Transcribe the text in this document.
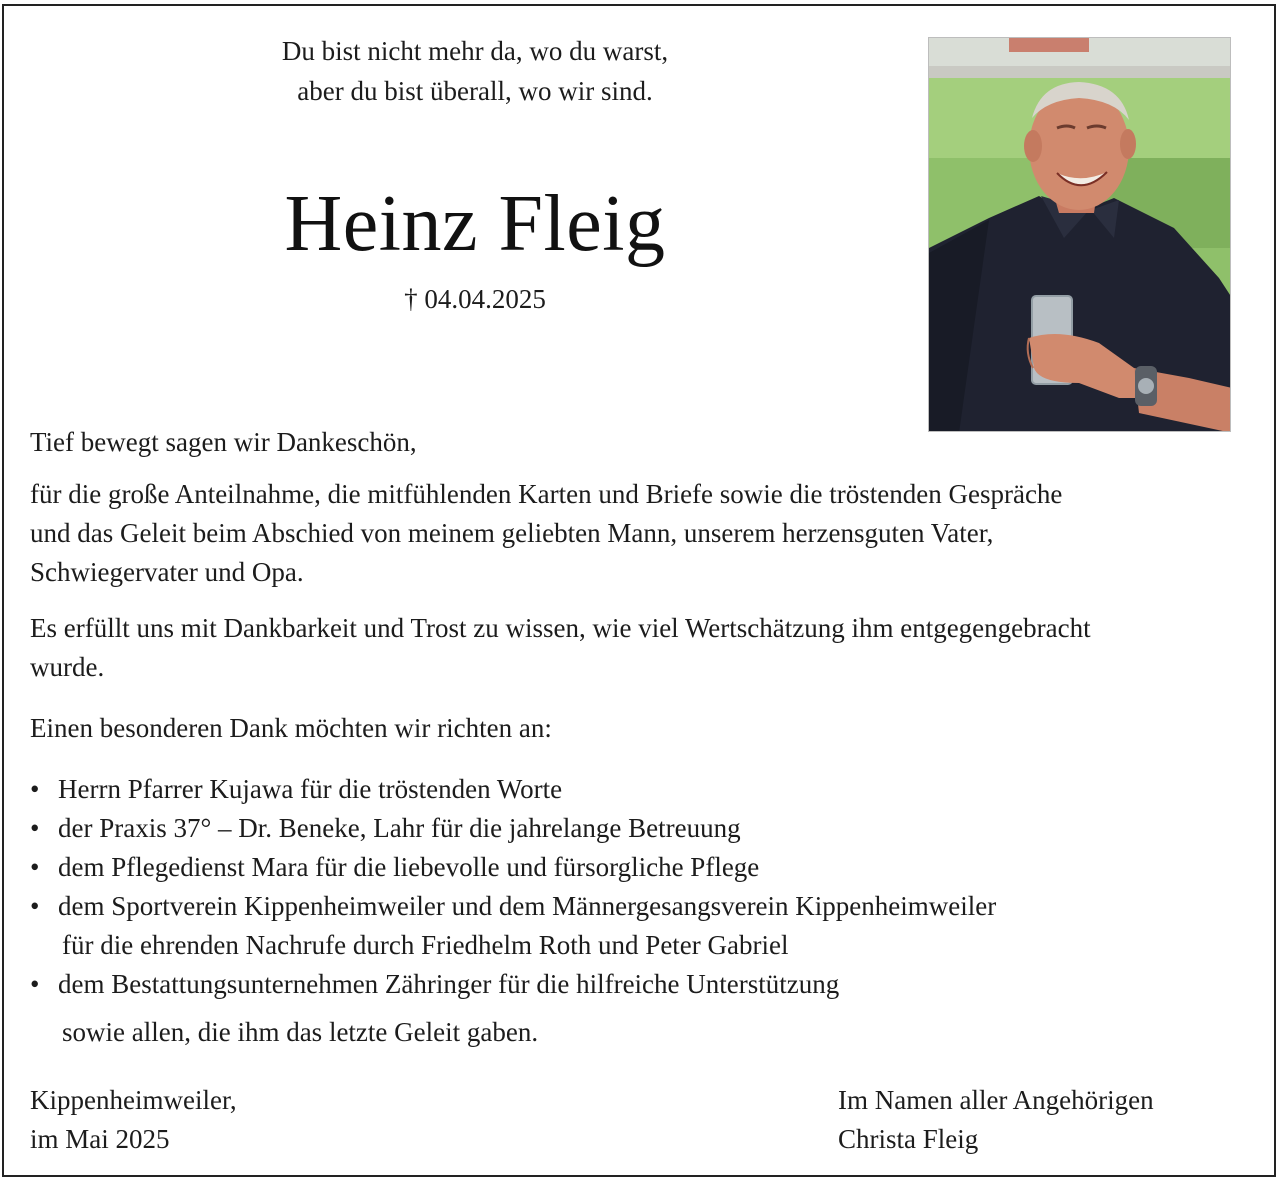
Du bist nicht mehr da, wo du warst,
aber du bist überall, wo wir sind.
Heinz Fleig
† 04.04.2025
Tief bewegt sagen wir Dankeschön,
für die große Anteilnahme, die mitfühlenden Karten und Briefe sowie die tröstenden Gespräche
und das Geleit beim Abschied von meinem geliebten Mann, unserem herzensguten Vater,
Schwiegervater und Opa.
Es erfüllt uns mit Dankbarkeit und Trost zu wissen, wie viel Wertschätzung ihm entgegengebracht
wurde.
Einen besonderen Dank möchten wir richten an:
• Herrn Pfarrer Kujawa für die tröstenden Worte
• der Praxis 37° – Dr. Beneke, Lahr für die jahrelange Betreuung
• dem Pflegedienst Mara für die liebevolle und fürsorgliche Pflege
• dem Sportverein Kippenheimweiler und dem Männergesangsverein Kippenheimweiler
für die ehrenden Nachrufe durch Friedhelm Roth und Peter Gabriel
• dem Bestattungsunternehmen Zähringer für die hilfreiche Unterstützung
sowie allen, die ihm das letzte Geleit gaben.
Kippenheimweiler,
im Mai 2025
Im Namen aller Angehörigen
Christa Fleig
